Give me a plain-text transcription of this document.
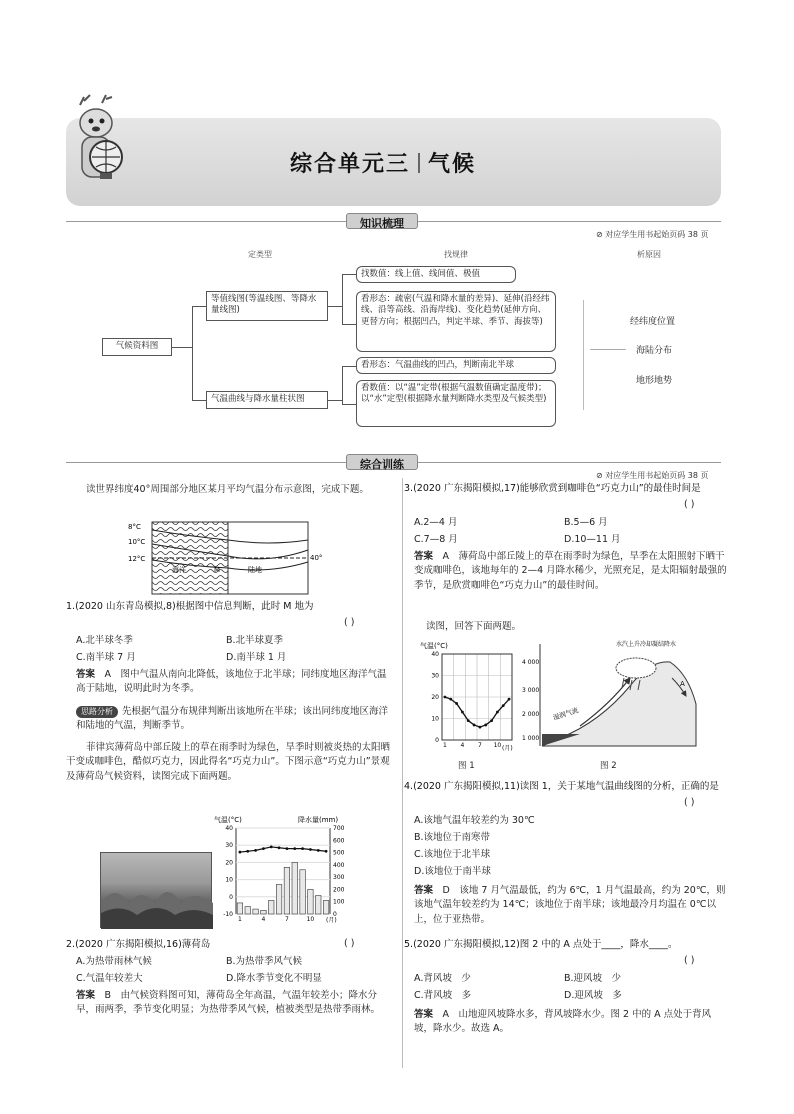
综合单元三 气候
知识梳理
⊘ 对应学生用书起始页码 38 页
定类型	找规律	析原因
气候资料图
等值线图(等温线图、等降水量线图)
气温曲线与降水量柱状图
找数值：线上值、线间值、极值
看形态：疏密(气温和降水量的差异)、延伸(沿经纬线、沿等高线、沿海岸线)、变化趋势(延伸方向、更替方向；根据凹凸，判定半球、季节、海拔等)
看形态：气温曲线的凹凸，判断南北半球
看数值：以“温”定带(根据气温数值确定温度带)；以“水”定型(根据降水量判断降水类型及气候类型)
经纬度位置
海陆分布
地形地势
综合训练
⊘ 对应学生用书起始页码 38 页
读世界纬度40°周围部分地区某月平均气温分布示意图，完成下题。
8°C
10°C
12°C
海洋	M	陆地
40°
1.(2020 山东青岛模拟,8)根据图中信息判断，此时 M 地为
( )
A.北半球冬季	B.北半球夏季
C.南半球 7 月	D.南半球 1 月
答案　 A　图中气温从南向北降低，该地位于北半球；同纬度地区海洋气温高于陆地，说明此时为冬季。
思路分析 先根据气温分布规律判断出该地所在半球；该出同纬度地区海洋和陆地的气温，判断季节。
菲律宾薄荷岛中部丘陵上的草在雨季时为绿色，旱季时则被炎热的太阳晒干变成咖啡色，酷似巧克力，因此得名“巧克力山”。下图示意“巧克力山”景观及薄荷岛气候资料，读图完成下面两题。
气温(°C)	降水量(mm)
(月)
-10
0
10
20
30
40
0
100
200
300
400
500
600
700
1	4	7	10
2.(2020 广东揭阳模拟,16)薄荷岛	( )
A.为热带雨林气候	B.为热带季风气候
C.气温年较差大	D.降水季节变化不明显
答案　 B　由气候资料图可知，薄荷岛全年高温，气温年较差小；降水分早，雨两季，季节变化明显；为热带季风气候，植被类型是热带季雨林。
3.(2020 广东揭阳模拟,17)能够欣赏到咖啡色“巧克力山”的最佳时间是
( )
A.2—4 月	B.5—6 月
C.7—8 月	D.10—11 月
答案　 A　薄荷岛中部丘陵上的草在雨季时为绿色，旱季在太阳照射下晒干变成咖啡色，该地每年的 2—4 月降水稀少，光照充足，是太阳辐射最强的季节，是欣赏咖啡色“巧克力山”的最佳时间。
读图，回答下面两题。
气温(°C)
(月)
0
10
20
30
40
1 4 7 10
图 1
4 000
3 000
2 000
1 000
水汽上升冷却凝结降水
湿润气流
A
图 2
4.(2020 广东揭阳模拟,11)读图 1，关于某地气温曲线图的分析，正确的是
( )
A.该地气温年较差约为 30℃
B.该地位于南寒带
C.该地位于北半球
D.该地位于南半球
答案　 D　该地 7 月气温最低，约为 6℃，1 月气温最高，约为 20℃，则该地气温年较差约为 14℃；该地位于南半球；该地最冷月均温在 0℃以上，位于亚热带。
5.(2020 广东揭阳模拟,12)图 2 中的 A 点处于____，降水____。
( )
A.背风坡　少	B.迎风坡　少
C.背风坡　多	D.迎风坡　多
答案　 A　山地迎风坡降水多，背风坡降水少。图 2 中的 A 点处于背风坡，降水少。故选 A。
